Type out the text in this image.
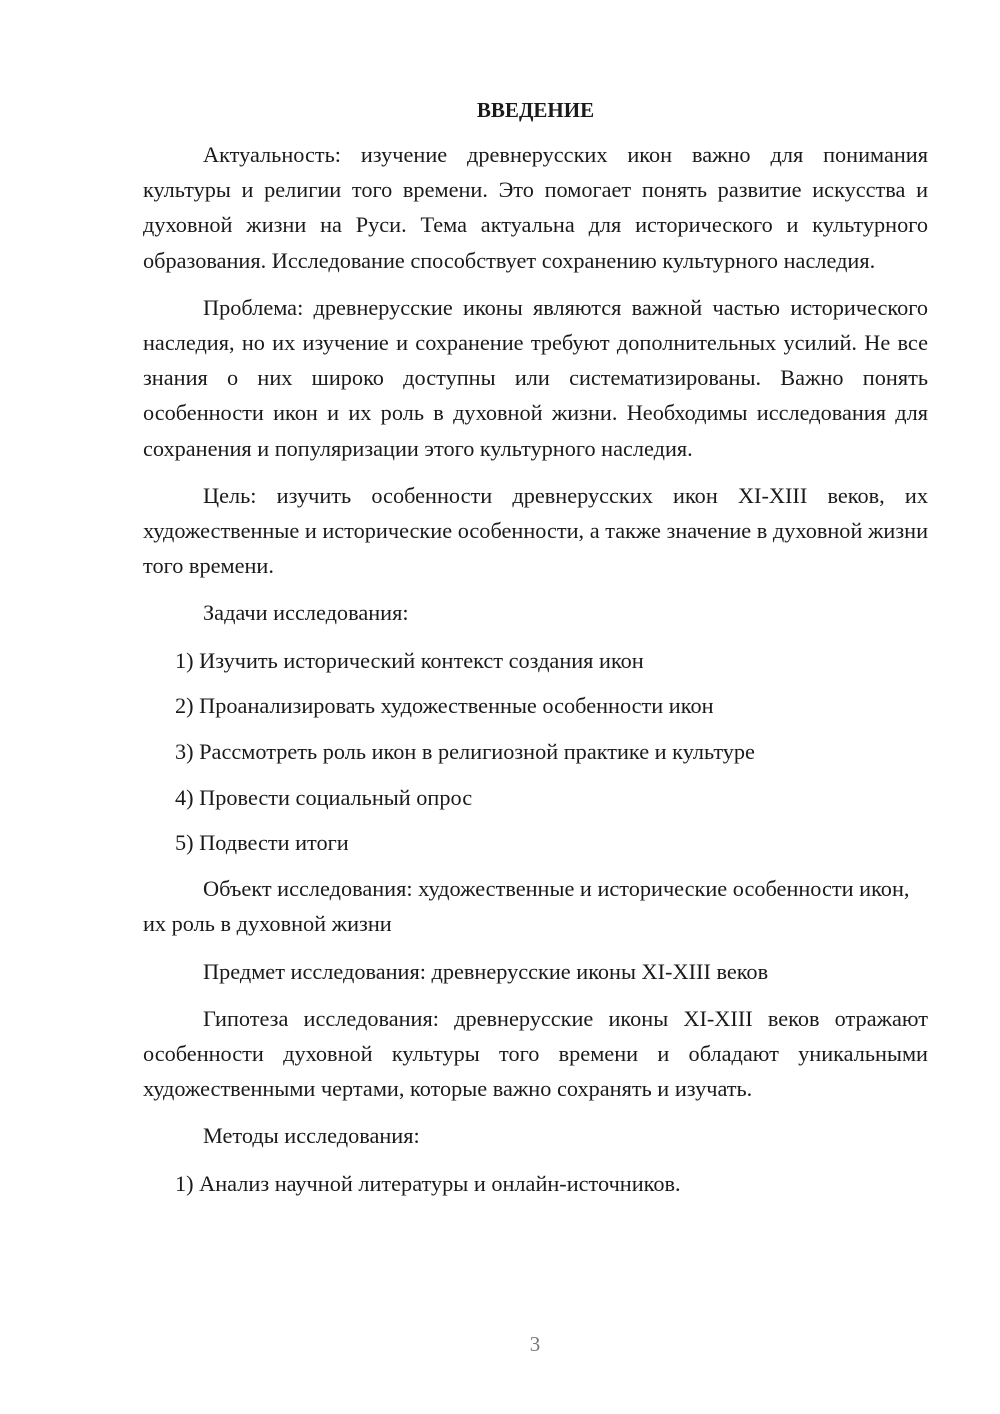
ВВЕДЕНИЕ

Актуальность: изучение древнерусских икон важно для понимания культуры и религии того времени. Это помогает понять развитие искусства и духовной жизни на Руси. Тема актуальна для исторического и культурного образования. Исследование способствует сохранению культурного наследия.

Проблема: древнерусские иконы являются важной частью исторического наследия, но их изучение и сохранение требуют дополнительных усилий. Не все знания о них широко доступны или систематизированы. Важно понять особенности икон и их роль в духовной жизни. Необходимы исследования для сохранения и популяризации этого культурного наследия.

Цель: изучить особенности древнерусских икон XI-XIII веков, их художественные и исторические особенности, а также значение в духовной жизни того времени.

Задачи исследования:

1) Изучить исторический контекст создания икон

2) Проанализировать художественные особенности икон

3) Рассмотреть роль икон в религиозной практике и культуре

4) Провести социальный опрос

5) Подвести итоги

Объект исследования: художественные и исторические особенности икон, их роль в духовной жизни

Предмет исследования: древнерусские иконы XI-XIII веков

Гипотеза исследования: древнерусские иконы XI-XIII веков отражают особенности духовной культуры того времени и обладают уникальными художественными чертами, которые важно сохранять и изучать.

Методы исследования:

1) Анализ научной литературы и онлайн-источников.

3
